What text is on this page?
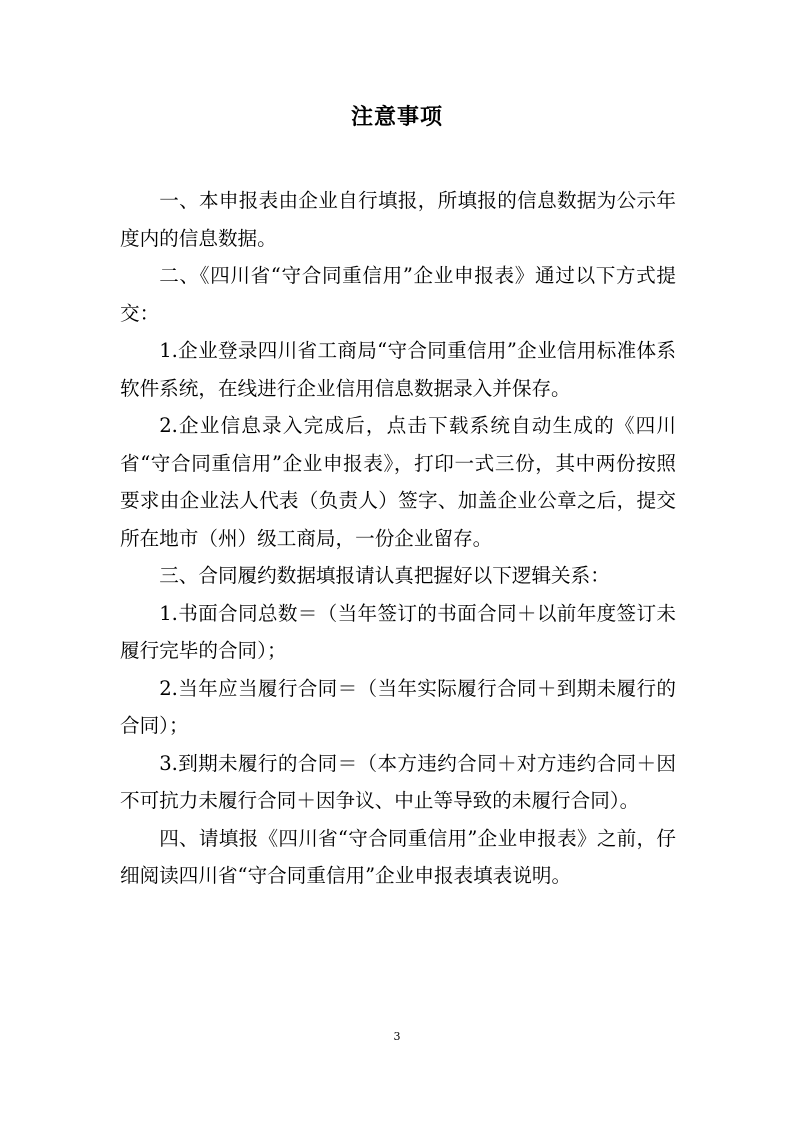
注意事项

一、本申报表由企业自行填报，所填报的信息数据为公示年度内的信息数据。

二、《四川省“守合同重信用”企业申报表》通过以下方式提交：

1.企业登录四川省工商局“守合同重信用”企业信用标准体系软件系统，在线进行企业信用信息数据录入并保存。

2.企业信息录入完成后，点击下载系统自动生成的《四川省“守合同重信用”企业申报表》，打印一式三份，其中两份按照要求由企业法人代表（负责人）签字、加盖企业公章之后，提交所在地市（州）级工商局，一份企业留存。

三、合同履约数据填报请认真把握好以下逻辑关系：

1.书面合同总数＝（当年签订的书面合同＋以前年度签订未履行完毕的合同）；

2.当年应当履行合同＝（当年实际履行合同＋到期未履行的合同）；

3.到期未履行的合同＝（本方违约合同＋对方违约合同＋因不可抗力未履行合同＋因争议、中止等导致的未履行合同）。

四、请填报《四川省“守合同重信用”企业申报表》之前，仔细阅读四川省“守合同重信用”企业申报表填表说明。

3
